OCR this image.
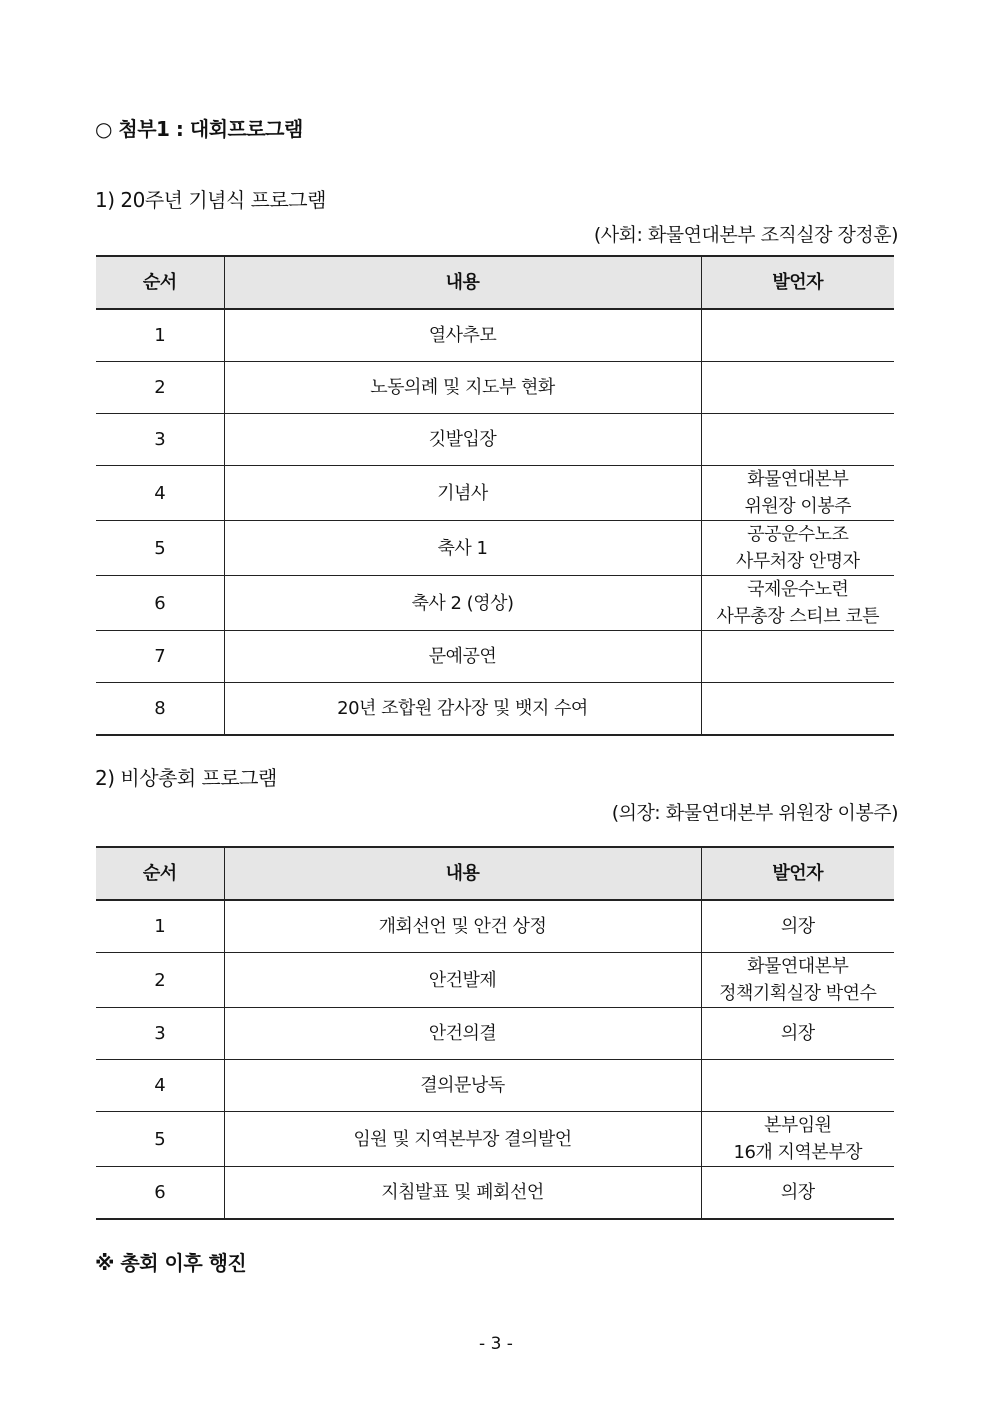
○ 첨부1 : 대회프로그램
1) 20주년 기념식 프로그램
(사회: 화물연대본부 조직실장 장정훈)
순서	내용	발언자
1	열사추모	
2	노동의례 및 지도부 현화	
3	깃발입장	
4	기념사	화물연대본부
위원장 이봉주

5	축사 1	공공운수노조
사무처장 안명자

6	축사 2 (영상)	국제운수노련
사무총장 스티브 코튼

7	문예공연	
8	20년 조합원 감사장 및 뱃지 수여	
2) 비상총회 프로그램
(의장: 화물연대본부 위원장 이봉주)
순서	내용	발언자
1	개회선언 및 안건 상정	의장

2	안건발제	화물연대본부
정책기획실장 박연수

3	안건의결	의장

4	결의문낭독	
5	임원 및 지역본부장 결의발언	본부임원
16개 지역본부장

6	지침발표 및 폐회선언	의장
※ 총회 이후 행진
- 3 -
